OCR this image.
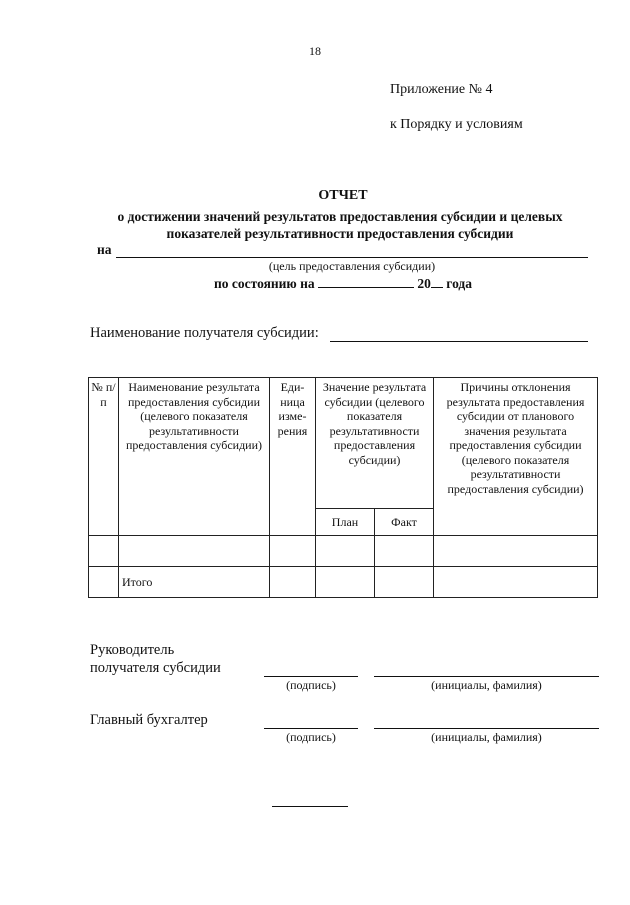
18
Приложение № 4
к Порядку и условиям
ОТЧЕТ
о достижении значений результатов предоставления субсидии и целевых
показателей результативности предоставления субсидии
на
(цель предоставления субсидии)
по состоянию на	20 года
Наименование получателя субсидии:
№ п/п	Наименование результата предоставления субсидии (целевого показателя результативности предоставления субсидии)	Еди-ница изме-рения	Значение результата субсидии (целевого показателя результативности предоставления субсидии)		Причины отклонения результата предоставления субсидии от планового значения результата предоставления субсидии (целевого показателя результативности предоставления субсидии)
			План	Факт	

	Итого				
Руководитель
получателя субсидии
(подпись)	(инициалы, фамилия)
Главный бухгалтер
(подпись)	(инициалы, фамилия)
